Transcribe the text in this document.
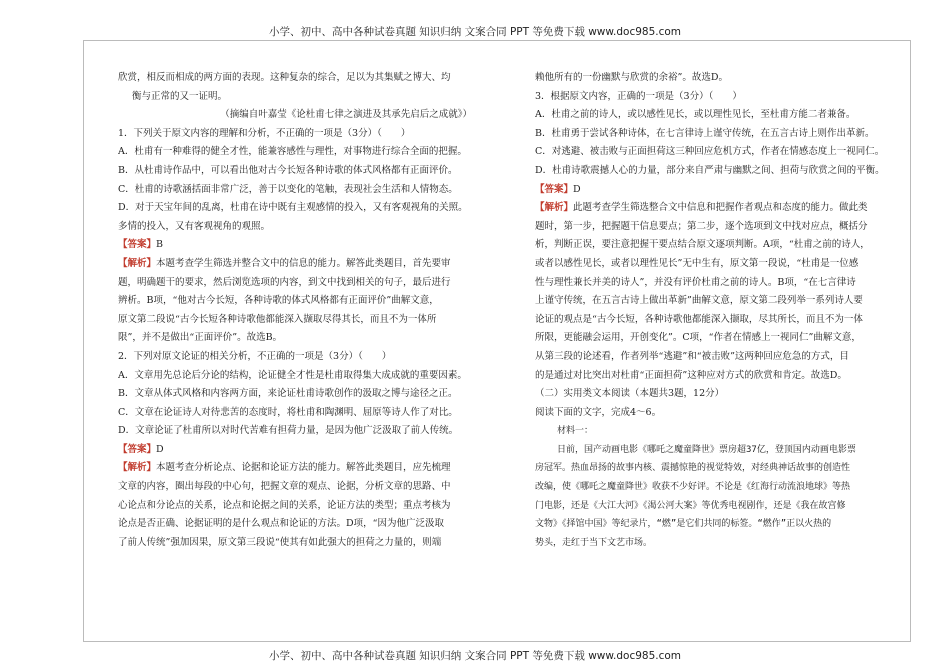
小学、初中、高中各种试卷真题 知识归纳 文案合同 PPT 等免费下载 www.doc985.com

欣赏，相反而相成的两方面的表现。这种复杂的综合，足以为其集赋之博大、均

衡与正常的又一证明。

（摘编自叶嘉莹《论杜甫七律之演进及其承先启后之成就》）

1．下列关于原文内容的理解和分析，不正确的一项是（3分）（　　）

A．杜甫有一种难得的健全才性，能兼容感性与理性，对事物进行综合全面的把握。

B．从杜甫诗作品中，可以看出他对古今长短各种诗歌的体式风格都有正面评价。

C．杜甫的诗歌涵括面非常广泛，善于以变化的笔触，表现社会生活和人情物态。

D．对于天宝年间的乱离，杜甫在诗中既有主观感情的投入，又有客观视角的关照。

多情的投入，又有客观视角的观照。

【答案】B

【解析】本题考查学生筛选并整合文中的信息的能力。解答此类题目，首先要审

题，明确题干的要求，然后浏览选项的内容，到文中找到相关的句子，最后进行

辨析。B项，“他对古今长短，各种诗歌的体式风格都有正面评价”曲解文意，

原文第二段说“古今长短各种诗歌他都能深入撷取尽得其长，而且不为一体所

限”，并不是做出“正面评价”。故选B。

2．下列对原文论证的相关分析，不正确的一项是（3分）（　　）

A．文章用先总论后分论的结构，论证健全才性是杜甫取得集大成成就的重要因素。

B．文章从体式风格和内容两方面，来论证杜甫诗歌创作的汲取之博与途径之正。

C．文章在论证诗人对待悲苦的态度时，将杜甫和陶渊明、屈原等诗人作了对比。

D．文章论证了杜甫所以对时代苦难有担荷力量，是因为他广泛汲取了前人传统。

【答案】D

【解析】本题考查分析论点、论据和论证方法的能力。解答此类题目，应先梳理

文章的内容，圈出每段的中心句，把握文章的观点、论据，分析文章的思路、中

心论点和分论点的关系，论点和论据之间的关系，论证方法的类型；重点考核为

论点是否正确、论据证明的是什么观点和论证的方法。D项，“因为他广泛汲取

了前人传统”强加因果，原文第三段说“使其有如此强大的担荷之力量的，则端

赖他所有的一份幽默与欣赏的余裕”。故选D。

3．根据原文内容，正确的一项是（3分）（　　）

A．杜甫之前的诗人，或以感性见长，或以理性见长，至杜甫方能二者兼备。

B．杜甫勇于尝试各种诗体，在七言律诗上谨守传统，在五言古诗上则作出革新。

C．对逃避、被击败与正面担荷这三种回应危机方式，作者在情感态度上一视同仁。

D．杜甫诗歌震撼人心的力量，部分来自严肃与幽默之间、担荷与欣赏之间的平衡。

【答案】D

【解析】此题考查学生筛选整合文中信息和把握作者观点和态度的能力。做此类

题时，第一步，把握题干信息要点；第二步，逐个选项到文中找对应点，概括分

析，判断正误，要注意把握干要点结合原文逐项判断。A项，“杜甫之前的诗人，

或者以感性见长，或者以理性见长”无中生有，原文第一段说，“杜甫是一位感

性与理性兼长并美的诗人”，并没有评价杜甫之前的诗人。B项，“在七言律诗

上谨守传统，在五言古诗上做出革新”曲解文意，原文第二段列举一系列诗人要

论证的观点是“古今长短，各种诗歌他都能深入撷取，尽其所长，而且不为一体

所限，更能融会运用，开创变化”。C项，“作者在情感上一视同仁”曲解文意，

从第三段的论述看，作者列举“逃避”和“被击败”这两种回应危急的方式，目

的是通过对比突出对杜甫“正面担荷”这种应对方式的欣赏和肯定。故选D。

（二）实用类文本阅读（本题共3题，12分）

阅读下面的文字，完成4～6。

材料一：

日前，国产动画电影《哪吒之魔童降世》票房超37亿，登顶国内动画电影票

房冠军。热血昂扬的故事内核、震撼惊艳的视觉特效，对经典神话故事的创造性

改编，使《哪吒之魔童降世》收获不少好评。不论是《红海行动流浪地球》等热

门电影，还是《大江大河》《渴公河大案》等优秀电视剧作，还是《我在故宫修

文物》《择馆中国》等纪录片，“燃”是它们共同的标签。“燃作”正以火热的

势头，走红于当下文艺市场。

小学、初中、高中各种试卷真题 知识归纳 文案合同 PPT 等免费下载 www.doc985.com
